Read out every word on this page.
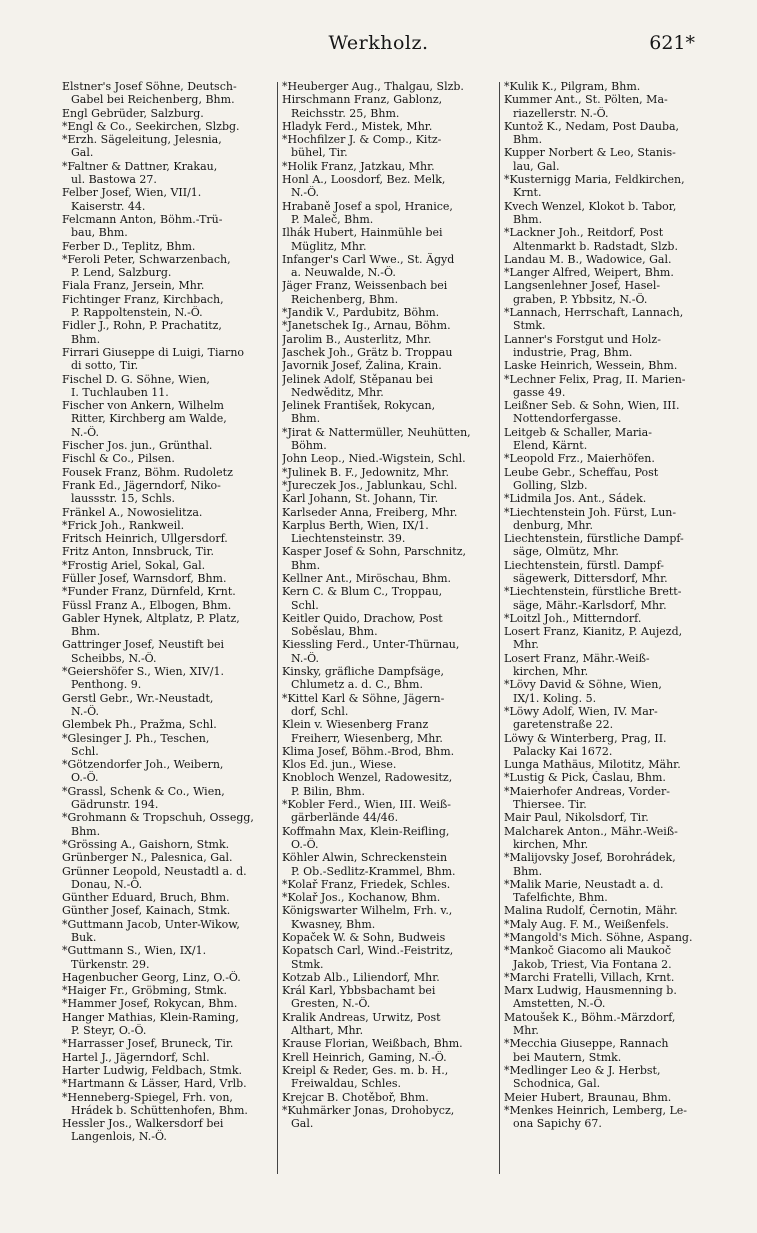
Werkholz.	621*
Elstner's Josef Söhne, Deutsch-
Gabel bei Reichenberg, Bhm.
Engl Gebrüder, Salzburg.
*Engl & Co., Seekirchen, Slzbg.
*Erzh. Sägeleitung, Jelesnia,
Gal.
*Faltner & Dattner, Krakau,
ul. Bastowa 27.
Felber Josef, Wien, VII/1.
Kaiserstr. 44.
Felcmann Anton, Böhm.-Trü-
bau, Bhm.
Ferber D., Teplitz, Bhm.
*Feroli Peter, Schwarzenbach,
P. Lend, Salzburg.
Fiala Franz, Jersein, Mhr.
Fichtinger Franz, Kirchbach,
P. Rappoltenstein, N.-Ö.
Fidler J., Rohn, P. Prachatitz,
Bhm.
Firrari Giuseppe di Luigi, Tiarno
di sotto, Tir.
Fischel D. G. Söhne, Wien,
I. Tuchlauben 11.
Fischer von Ankern, Wilhelm
Ritter, Kirchberg am Walde,
N.-Ö.
Fischer Jos. jun., Grünthal.
Fischl & Co., Pilsen.
Fousek Franz, Böhm. Rudoletz
Frank Ed., Jägerndorf, Niko-
laussstr. 15, Schls.
Fränkel A., Nowosielitza.
*Frick Joh., Rankweil.
Fritsch Heinrich, Ullgersdorf.
Fritz Anton, Innsbruck, Tir.
*Frostig Ariel, Sokal, Gal.
Füller Josef, Warnsdorf, Bhm.
*Funder Franz, Dürnfeld, Krnt.
Füssl Franz A., Elbogen, Bhm.
Gabler Hynek, Altplatz, P. Platz,
Bhm.
Gattringer Josef, Neustift bei
Scheibbs, N.-Ö.
*Geiershöfer S., Wien, XIV/1.
Penthong. 9.
Gerstl Gebr., Wr.-Neustadt,
N.-Ö.
Glembek Ph., Pražma, Schl.
*Glesinger J. Ph., Teschen,
Schl.
*Götzendorfer Joh., Weibern,
O.-Ö.
*Grassl, Schenk & Co., Wien,
Gädrunstr. 194.
*Grohmann & Tropschuh, Ossegg,
Bhm.
*Grössing A., Gaishorn, Stmk.
Grünberger N., Palesnica, Gal.
Grünner Leopold, Neustadtl a. d.
Donau, N.-Ö.
Günther Eduard, Bruch, Bhm.
Günther Josef, Kainach, Stmk.
*Guttmann Jacob, Unter-Wikow,
Buk.
*Guttmann S., Wien, IX/1.
Türkenstr. 29.
Hagenbucher Georg, Linz, O.-Ö.
*Haiger Fr., Gröbming, Stmk.
*Hammer Josef, Rokycan, Bhm.
Hanger Mathias, Klein-Raming,
P. Steyr, O.-Ö.
*Harrasser Josef, Bruneck, Tir.
Hartel J., Jägerndorf, Schl.
Harter Ludwig, Feldbach, Stmk.
*Hartmann & Lässer, Hard, Vrlb.
*Henneberg-Spiegel, Frh. von,
Hrádek b. Schüttenhofen, Bhm.
Hessler Jos., Walkersdorf bei
Langenlois, N.-Ö.
*Heuberger Aug., Thalgau, Slzb.
Hirschmann Franz, Gablonz,
Reichsstr. 25, Bhm.
Hladyk Ferd., Mistek, Mhr.
*Hochfilzer J. & Comp., Kitz-
bühel, Tir.
*Holik Franz, Jatzkau, Mhr.
Honl A., Loosdorf, Bez. Melk,
N.-Ö.
Hrabaně Josef a spol, Hranice,
P. Maleč, Bhm.
Ilhák Hubert, Hainmühle bei
Müglitz, Mhr.
Infanger's Carl Wwe., St. Ägyd
a. Neuwalde, N.-Ö.
Jäger Franz, Weissenbach bei
Reichenberg, Bhm.
*Jandik V., Pardubitz, Böhm.
*Janetschek Ig., Arnau, Böhm.
Jarolim B., Austerlitz, Mhr.
Jaschek Joh., Grätz b. Troppau
Javornik Josef, Žalina, Krain.
Jelinek Adolf, Stěpanau bei
Nedwěditz, Mhr.
Jelinek František, Rokycan,
Bhm.
*Jirat & Nattermüller, Neuhütten,
Böhm.
John Leop., Nied.-Wigstein, Schl.
*Julinek B. F., Jedownitz, Mhr.
*Jureczek Jos., Jablunkau, Schl.
Karl Johann, St. Johann, Tir.
Karlseder Anna, Freiberg, Mhr.
Karplus Berth, Wien, IX/1.
Liechtensteinstr. 39.
Kasper Josef & Sohn, Parschnitz,
Bhm.
Kellner Ant., Miröschau, Bhm.
Kern C. & Blum C., Troppau,
Schl.
Keitler Quido, Drachow, Post
Soběslau, Bhm.
Kiessling Ferd., Unter-Thürnau,
N.-Ö.
Kinsky, gräfliche Dampfsäge,
Chlumetz a. d. C., Bhm.
*Kittel Karl & Söhne, Jägern-
dorf, Schl.
Klein v. Wiesenberg Franz
Freiherr, Wiesenberg, Mhr.
Klima Josef, Böhm.-Brod, Bhm.
Klos Ed. jun., Wiese.
Knobloch Wenzel, Radowesitz,
P. Bilin, Bhm.
*Kobler Ferd., Wien, III. Weiß-
gärberlände 44/46.
Koffmahn Max, Klein-Reifling,
O.-Ö.
Köhler Alwin, Schreckenstein
P. Ob.-Sedlitz-Krammel, Bhm.
*Kolař Franz, Friedek, Schles.
*Kolař Jos., Kochanow, Bhm.
Königswarter Wilhelm, Frh. v.,
Kwasney, Bhm.
Kopaček W. & Sohn, Budweis
Kopatsch Carl, Wind.-Feistritz,
Stmk.
Kotzab Alb., Liliendorf, Mhr.
Král Karl, Ybbsbachamt bei
Gresten, N.-Ö.
Kralik Andreas, Urwitz, Post
Althart, Mhr.
Krause Florian, Weißbach, Bhm.
Krell Heinrich, Gaming, N.-Ö.
Kreipl & Reder, Ges. m. b. H.,
Freiwaldau, Schles.
Krejcar B. Chotěboř, Bhm.
*Kuhmärker Jonas, Drohobycz,
Gal.
*Kulik K., Pilgram, Bhm.
Kummer Ant., St. Pölten, Ma-
riazellerstr. N.-Ö.
Kuntož K., Nedam, Post Dauba,
Bhm.
Kupper Norbert & Leo, Stanis-
lau, Gal.
*Kusternigg Maria, Feldkirchen,
Krnt.
Kvech Wenzel, Klokot b. Tabor,
Bhm.
*Lackner Joh., Reitdorf, Post
Altenmarkt b. Radstadt, Slzb.
Landau M. B., Wadowice, Gal.
*Langer Alfred, Weipert, Bhm.
Langsenlehner Josef, Hasel-
graben, P. Ybbsitz, N.-Ö.
*Lannach, Herrschaft, Lannach,
Stmk.
Lanner's Forstgut und Holz-
industrie, Prag, Bhm.
Laske Heinrich, Wessein, Bhm.
*Lechner Felix, Prag, II. Marien-
gasse 49.
Leißner Seb. & Sohn, Wien, III.
Nottendorfergasse.
Leitgeb & Schaller, Maria-
Elend, Kärnt.
*Leopold Frz., Maierhöfen.
Leube Gebr., Scheffau, Post
Golling, Slzb.
*Lidmila Jos. Ant., Sádek.
*Liechtenstein Joh. Fürst, Lun-
denburg, Mhr.
Liechtenstein, fürstliche Dampf-
säge, Olmütz, Mhr.
Liechtenstein, fürstl. Dampf-
sägewerk, Dittersdorf, Mhr.
*Liechtenstein, fürstliche Brett-
säge, Mähr.-Karlsdorf, Mhr.
*Loitzl Joh., Mitterndorf.
Losert Franz, Kianitz, P. Aujezd,
Mhr.
Losert Franz, Mähr.-Weiß-
kirchen, Mhr.
*Lövy David & Söhne, Wien,
IX/1. Koling. 5.
*Löwy Adolf, Wien, IV. Mar-
garetenstraße 22.
Löwy & Winterberg, Prag, II.
Palacky Kai 1672.
Lunga Mathäus, Milotitz, Mähr.
*Lustig & Pick, Časlau, Bhm.
*Maierhofer Andreas, Vorder-
Thiersee. Tir.
Mair Paul, Nikolsdorf, Tir.
Malcharek Anton., Mähr.-Weiß-
kirchen, Mhr.
*Malijovsky Josef, Borohrádek,
Bhm.
*Malik Marie, Neustadt a. d.
Tafelfichte, Bhm.
Malina Rudolf, Černotin, Mähr.
*Maly Aug. F. M., Weißenfels.
*Mangold's Mich. Söhne, Aspang.
*Mankoč Giacomo ali Maukoč
Jakob, Triest, Via Fontana 2.
*Marchi Fratelli, Villach, Krnt.
Marx Ludwig, Hausmenning b.
Amstetten, N.-Ö.
Matoušek K., Böhm.-Märzdorf,
Mhr.
*Mecchia Giuseppe, Rannach
bei Mautern, Stmk.
*Medlinger Leo & J. Herbst,
Schodnica, Gal.
Meier Hubert, Braunau, Bhm.
*Menkes Heinrich, Lemberg, Le-
ona Sapichy 67.
